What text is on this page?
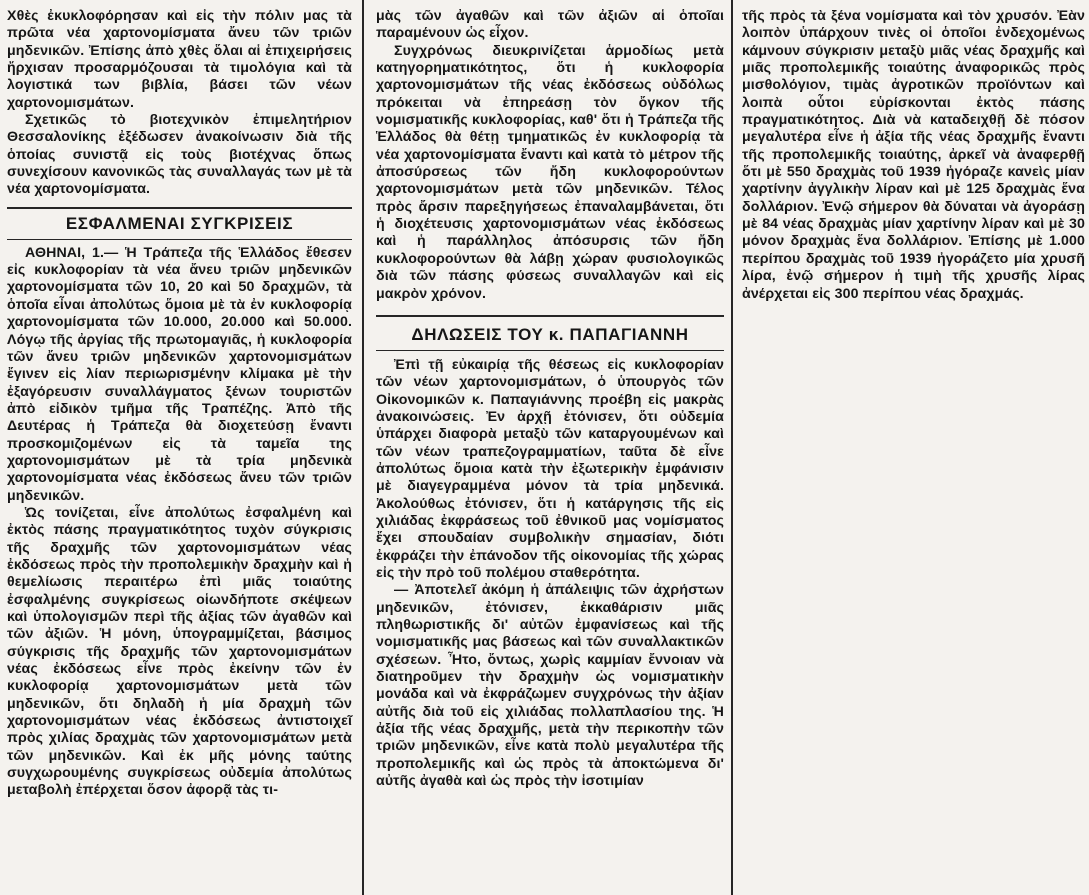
Χθὲς ἐκυκλοφόρησαν καὶ εἰς τὴν πόλιν μας τὰ πρῶτα νέα χαρτονομίσματα ἄνευ τῶν τριῶν μηδενικῶν. Ἐπίσης ἀπὸ χθὲς ὅλαι αἱ ἐπιχειρήσεις ἤρχισαν προσαρμόζουσαι τὰ τιμολόγια καὶ τὰ λογιστικά των βιβλία, βάσει τῶν νέων χαρτονομισμάτων.

Σχετικῶς τὸ βιοτεχνικὸν ἐπιμελητήριον Θεσσαλονίκης ἐξέδωσεν ἀνακοίνωσιν διὰ τῆς ὁποίας συνιστᾷ εἰς τοὺς βιοτέχνας ὅπως συνεχίσουν κανονικῶς τὰς συναλλαγάς των μὲ τὰ νέα χαρτονομίσματα.

ΕΣΦΑΛΜΕΝΑΙ ΣΥΓΚΡΙΣΕΙΣ

ΑΘΗΝΑΙ, 1.— Ἡ Τράπεζα τῆς Ἑλλάδος ἔθεσεν εἰς κυκλοφορίαν τὰ νέα ἄνευ τριῶν μηδενικῶν χαρτονομίσματα τῶν 10, 20 καὶ 50 δραχμῶν, τὰ ὁποῖα εἶναι ἀπολύτως ὅμοια μὲ τὰ ἐν κυκλοφορίᾳ χαρτονομίσματα τῶν 10.000, 20.000 καὶ 50.000. Λόγῳ τῆς ἀργίας τῆς πρωτομαγιᾶς, ἡ κυκλοφορία τῶν ἄνευ τριῶν μηδενικῶν χαρτονομισμάτων ἔγινεν εἰς λίαν περιωρισμένην κλίμακα μὲ τὴν ἐξαγόρευσιν συναλλάγματος ξένων τουριστῶν ἀπὸ εἰδικὸν τμῆμα τῆς Τραπέζης. Ἀπὸ τῆς Δευτέρας ἡ Τράπεζα θὰ διοχετεύσῃ ἔναντι προσκομιζομένων εἰς τὰ ταμεῖα της χαρτονομισμάτων μὲ τὰ τρία μηδενικὰ χαρτονομίσματα νέας ἐκδόσεως ἄνευ τῶν τριῶν μηδενικῶν.

Ὡς τονίζεται, εἶνε ἀπολύτως ἐσφαλμένη καὶ ἐκτὸς πάσης πραγματικότητος τυχὸν σύγκρισις τῆς δραχμῆς τῶν χαρτονομισμάτων νέας ἐκδόσεως πρὸς τὴν προπολεμικὴν δραχμὴν καὶ ἡ θεμελίωσις περαιτέρω ἐπὶ μιᾶς τοιαύτης ἐσφαλμένης συγκρίσεως οἱωνδήποτε σκέψεων καὶ ὑπολογισμῶν περὶ τῆς ἀξίας τῶν ἀγαθῶν καὶ τῶν ἀξιῶν. Ἡ μόνη, ὑπογραμμίζεται, βάσιμος σύγκρισις τῆς δραχμῆς τῶν χαρτονομισμάτων νέας ἐκδόσεως εἶνε πρὸς ἐκείνην τῶν ἐν κυκλοφορίᾳ χαρτονομισμάτων μετὰ τῶν μηδενικῶν, ὅτι δηλαδὴ ἡ μία δραχμὴ τῶν χαρτονομισμάτων νέας ἐκδόσεως ἀντιστοιχεῖ πρὸς χιλίας δραχμὰς τῶν χαρτονομισμάτων μετὰ τῶν μηδενικῶν. Καὶ ἐκ μῆς μόνης ταύτης συγχωρουμένης συγκρίσεως οὐδεμία ἀπολύτως μεταβολὴ ἐπέρχεται ὅσον ἀφορᾷ τὰς τι-

μὰς τῶν ἀγαθῶν καὶ τῶν ἀξιῶν αἱ ὁποῖαι παραμένουν ὡς εἶχον.

Συγχρόνως διευκρινίζεται ἁρμοδίως μετὰ κατηγορηματικότητος, ὅτι ἡ κυκλοφορία χαρτονομισμάτων τῆς νέας ἐκδόσεως οὐδόλως πρόκειται νὰ ἐπηρεάσῃ τὸν ὄγκον τῆς νομισματικῆς κυκλοφορίας, καθ' ὅτι ἡ Τράπεζα τῆς Ἑλλάδος θὰ θέτῃ τμηματικῶς ἐν κυκλοφορίᾳ τὰ νέα χαρτονομίσματα ἔναντι καὶ κατὰ τὸ μέτρον τῆς ἀποσύρσεως τῶν ἤδη κυκλοφορούντων χαρτονομισμάτων μετὰ τῶν μηδενικῶν. Τέλος πρὸς ἄρσιν παρεξηγήσεως ἐπαναλαμβάνεται, ὅτι ἡ διοχέτευσις χαρτονομισμάτων νέας ἐκδόσεως καὶ ἡ παράλληλος ἀπόσυρσις τῶν ἤδη κυκλοφορούντων θὰ λάβῃ χώραν φυσιολογικῶς διὰ τῶν πάσης φύσεως συναλλαγῶν καὶ εἰς μακρὸν χρόνον.

ΔΗΛΩΣΕΙΣ ΤΟΥ κ. ΠΑΠΑΓΙΑΝΝΗ

Ἐπὶ τῇ εὐκαιρίᾳ τῆς θέσεως εἰς κυκλοφορίαν τῶν νέων χαρτονομισμάτων, ὁ ὑπουργὸς τῶν Οἰκονομικῶν κ. Παπαγιάννης προέβη εἰς μακρὰς ἀνακοινώσεις. Ἐν ἀρχῇ ἐτόνισεν, ὅτι οὐδεμία ὑπάρχει διαφορὰ μεταξὺ τῶν καταργουμένων καὶ τῶν νέων τραπεζογραμματίων, ταῦτα δὲ εἶνε ἀπολύτως ὅμοια κατὰ τὴν ἐξωτερικὴν ἐμφάνισιν μὲ διαγεγραμμένα μόνον τὰ τρία μηδενικά. Ἀκολούθως ἐτόνισεν, ὅτι ἡ κατάργησις τῆς εἰς χιλιάδας ἐκφράσεως τοῦ ἐθνικοῦ μας νομίσματος ἔχει σπουδαίαν συμβολικὴν σημασίαν, διότι ἐκφράζει τὴν ἐπάνοδον τῆς οἰκονομίας τῆς χώρας εἰς τὴν πρὸ τοῦ πολέμου σταθερότητα.

— Ἀποτελεῖ ἀκόμη ἡ ἀπάλειψις τῶν ἀχρήστων μηδενικῶν, ἐτόνισεν, ἐκκαθάρισιν μιᾶς πληθωριστικῆς δι' αὐτῶν ἐμφανίσεως καὶ τῆς νομισματικῆς μας βάσεως καὶ τῶν συναλλακτικῶν σχέσεων. Ἦτο, ὄντως, χωρὶς καμμίαν ἔννοιαν νὰ διατηροῦμεν τὴν δραχμὴν ὡς νομισματικὴν μονάδα καὶ νὰ ἐκφράζωμεν συγχρόνως τὴν ἀξίαν αὐτῆς διὰ τοῦ εἰς χιλιάδας πολλαπλασίου της. Ἡ ἀξία τῆς νέας δραχμῆς, μετὰ τὴν περικοπὴν τῶν τριῶν μηδενικῶν, εἶνε κατὰ πολὺ μεγαλυτέρα τῆς προπολεμικῆς καὶ ὡς πρὸς τὰ ἀποκτώμενα δι' αὐτῆς ἀγαθὰ καὶ ὡς πρὸς τὴν ἰσοτιμίαν

τῆς πρὸς τὰ ξένα νομίσματα καὶ τὸν χρυσόν. Ἐὰν λοιπὸν ὑπάρχουν τινὲς οἱ ὁποῖοι ἐνδεχομένως κάμνουν σύγκρισιν μεταξὺ μιᾶς νέας δραχμῆς καὶ μιᾶς προπολεμικῆς τοιαύτης ἀναφορικῶς πρὸς μισθολόγιον, τιμὰς ἀγροτικῶν προϊόντων καὶ λοιπὰ οὗτοι εὑρίσκονται ἐκτὸς πάσης πραγματικότητος. Διὰ νὰ καταδειχθῇ δὲ πόσον μεγαλυτέρα εἶνε ἡ ἀξία τῆς νέας δραχμῆς ἔναντι τῆς προπολεμικῆς τοιαύτης, ἀρκεῖ νὰ ἀναφερθῇ ὅτι μὲ 550 δραχμὰς τοῦ 1939 ἠγόραζε κανεὶς μίαν χαρτίνην ἀγγλικὴν λίραν καὶ μὲ 125 δραχμὰς ἕνα δολλάριον. Ἐνῷ σήμερον θὰ δύναται νὰ ἀγοράσῃ μὲ 84 νέας δραχμὰς μίαν χαρτίνην λίραν καὶ μὲ 30 μόνον δραχμὰς ἕνα δολλάριον. Ἐπίσης μὲ 1.000 περίπου δραχμὰς τοῦ 1939 ἠγοράζετο μία χρυσῆ λίρα, ἐνῷ σήμερον ἡ τιμὴ τῆς χρυσῆς λίρας ἀνέρχεται εἰς 300 περίπου νέας δραχμάς.
